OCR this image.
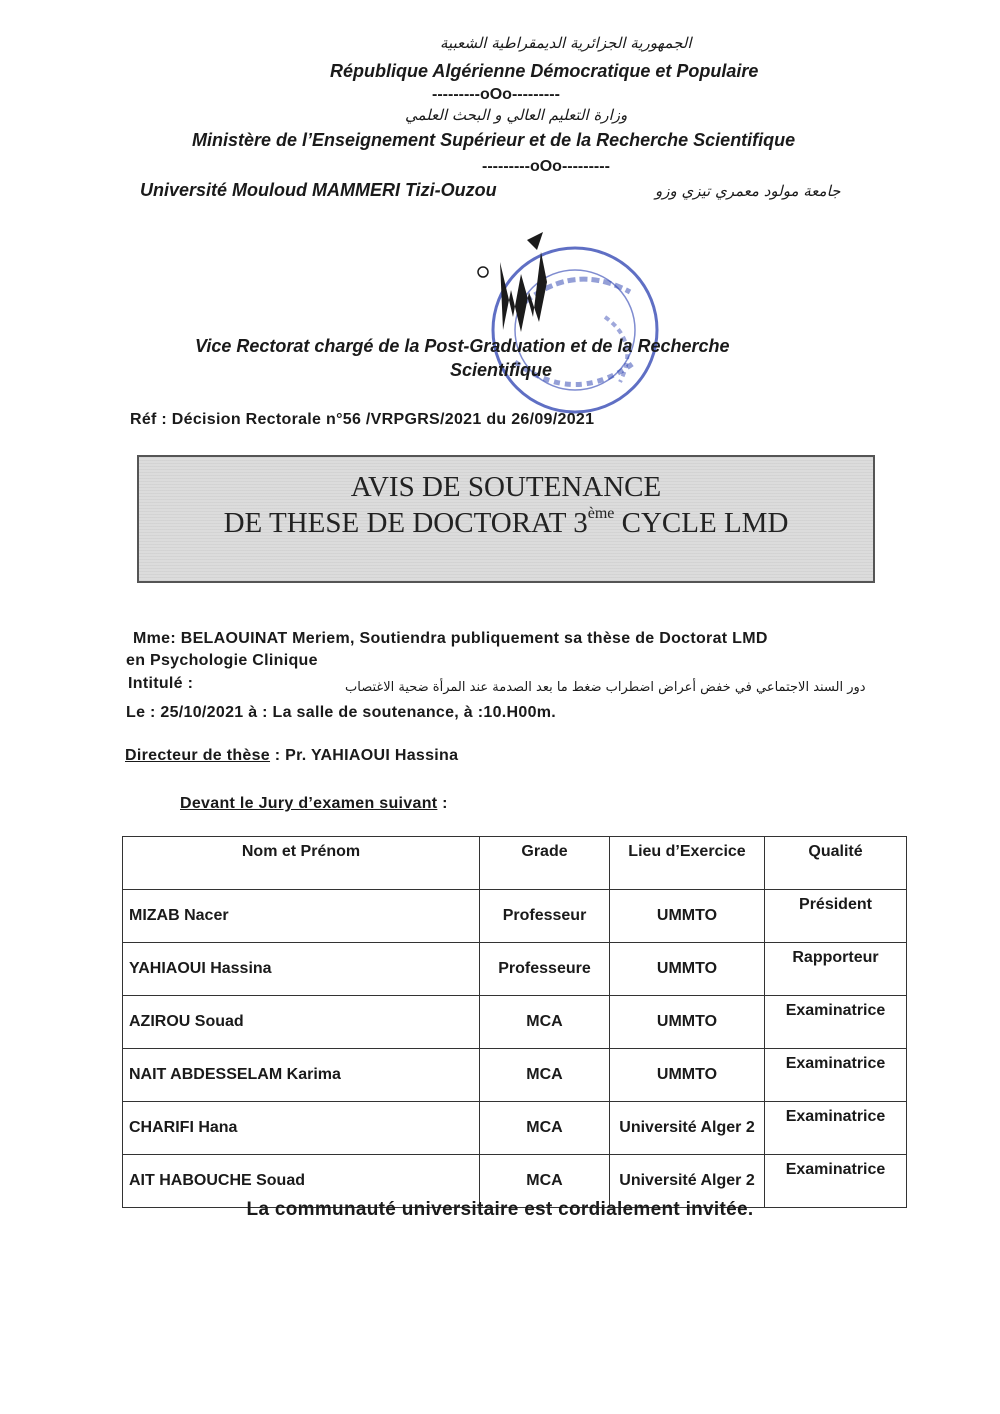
الجمهورية الجزائرية الديمقراطية الشعبية
République Algérienne Démocratique et Populaire
---------oOo---------
وزارة التعليم العالي و البحث العلمي
Ministère de l’Enseignement Supérieur et de la Recherche Scientifique
---------oOo---------
Université Mouloud MAMMERI Tizi-Ouzou	جامعة مولود معمري تيزي وزو
Vice Rectorat chargé de la Post-Graduation et de la Recherche
Scientifique
Réf : Décision Rectorale n°56 /VRPGRS/2021 du 26/09/2021
AVIS DE SOUTENANCE
DE THESE DE DOCTORAT 3ème CYCLE LMD
Mme: BELAOUINAT Meriem, Soutiendra publiquement sa thèse de Doctorat LMD
en Psychologie Clinique
Intitulé :	دور السند الاجتماعي في خفض أعراض اضطراب ضغط ما بعد الصدمة عند المرأة ضحية الاغتصاب
Le : 25/10/2021 à : La salle de soutenance, à :10.H00m.
Directeur de thèse : Pr. YAHIAOUI Hassina
Devant le Jury d’examen suivant :
Nom et Prénom	Grade	Lieu d’Exercice	Qualité
MIZAB Nacer	Professeur	UMMTO	Président
YAHIAOUI Hassina	Professeure	UMMTO	Rapporteur
AZIROU Souad	MCA	UMMTO	Examinatrice
NAIT ABDESSELAM Karima	MCA	UMMTO	Examinatrice
CHARIFI Hana	MCA	Université Alger 2	Examinatrice
AIT HABOUCHE Souad	MCA	Université Alger 2	Examinatrice
La communauté universitaire est cordialement invitée.
